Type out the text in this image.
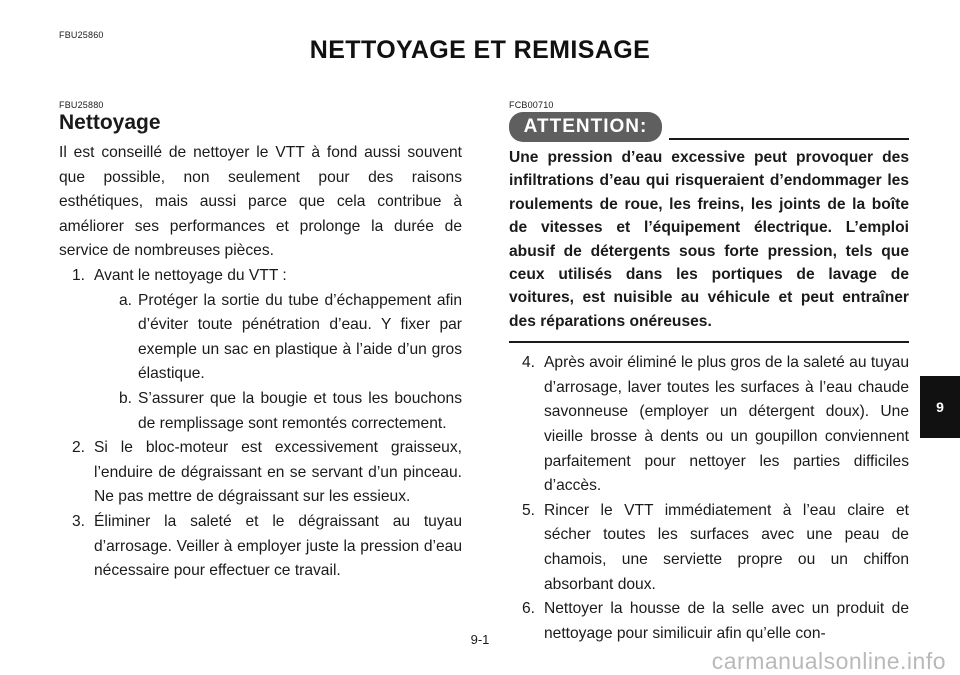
FBU25860
NETTOYAGE ET REMISAGE
FBU25880
Nettoyage

Il est conseillé de nettoyer le VTT à fond aussi souvent que possible, non seulement pour des raisons esthétiques, mais aussi parce que cela contribue à améliorer ses performances et prolonge la durée de service de nombreuses pièces.

1. Avant le nettoyage du VTT :
a. Protéger la sortie du tube d’échappement afin d’éviter toute pénétration d’eau. Y fixer par exemple un sac en plastique à l’aide d’un gros élastique.
b. S’assurer que la bougie et tous les bouchons de remplissage sont remontés correctement.
2. Si le bloc-moteur est excessivement graisseux, l’enduire de dégraissant en se servant d’un pinceau. Ne pas mettre de dégraissant sur les essieux.
3. Éliminer la saleté et le dégraissant au tuyau d’arrosage. Veiller à employer juste la pression d’eau nécessaire pour effectuer ce travail.
FCB00710
ATTENTION:

Une pression d’eau excessive peut provoquer des infiltrations d’eau qui risqueraient d’endommager les roulements de roue, les freins, les joints de la boîte de vitesses et l’équipement électrique. L’emploi abusif de détergents sous forte pression, tels que ceux utilisés dans les portiques de lavage de voitures, est nuisible au véhicule et peut entraîner des réparations onéreuses.

4. Après avoir éliminé le plus gros de la saleté au tuyau d’arrosage, laver toutes les surfaces à l’eau chaude savonneuse (employer un détergent doux). Une vieille brosse à dents ou un goupillon conviennent parfaitement pour nettoyer les parties difficiles d’accès.
5. Rincer le VTT immédiatement à l’eau claire et sécher toutes les surfaces avec une peau de chamois, une serviette propre ou un chiffon absorbant doux.
6. Nettoyer la housse de la selle avec un produit de nettoyage pour similicuir afin qu’elle con-
9
9-1
carmanualsonline.info
